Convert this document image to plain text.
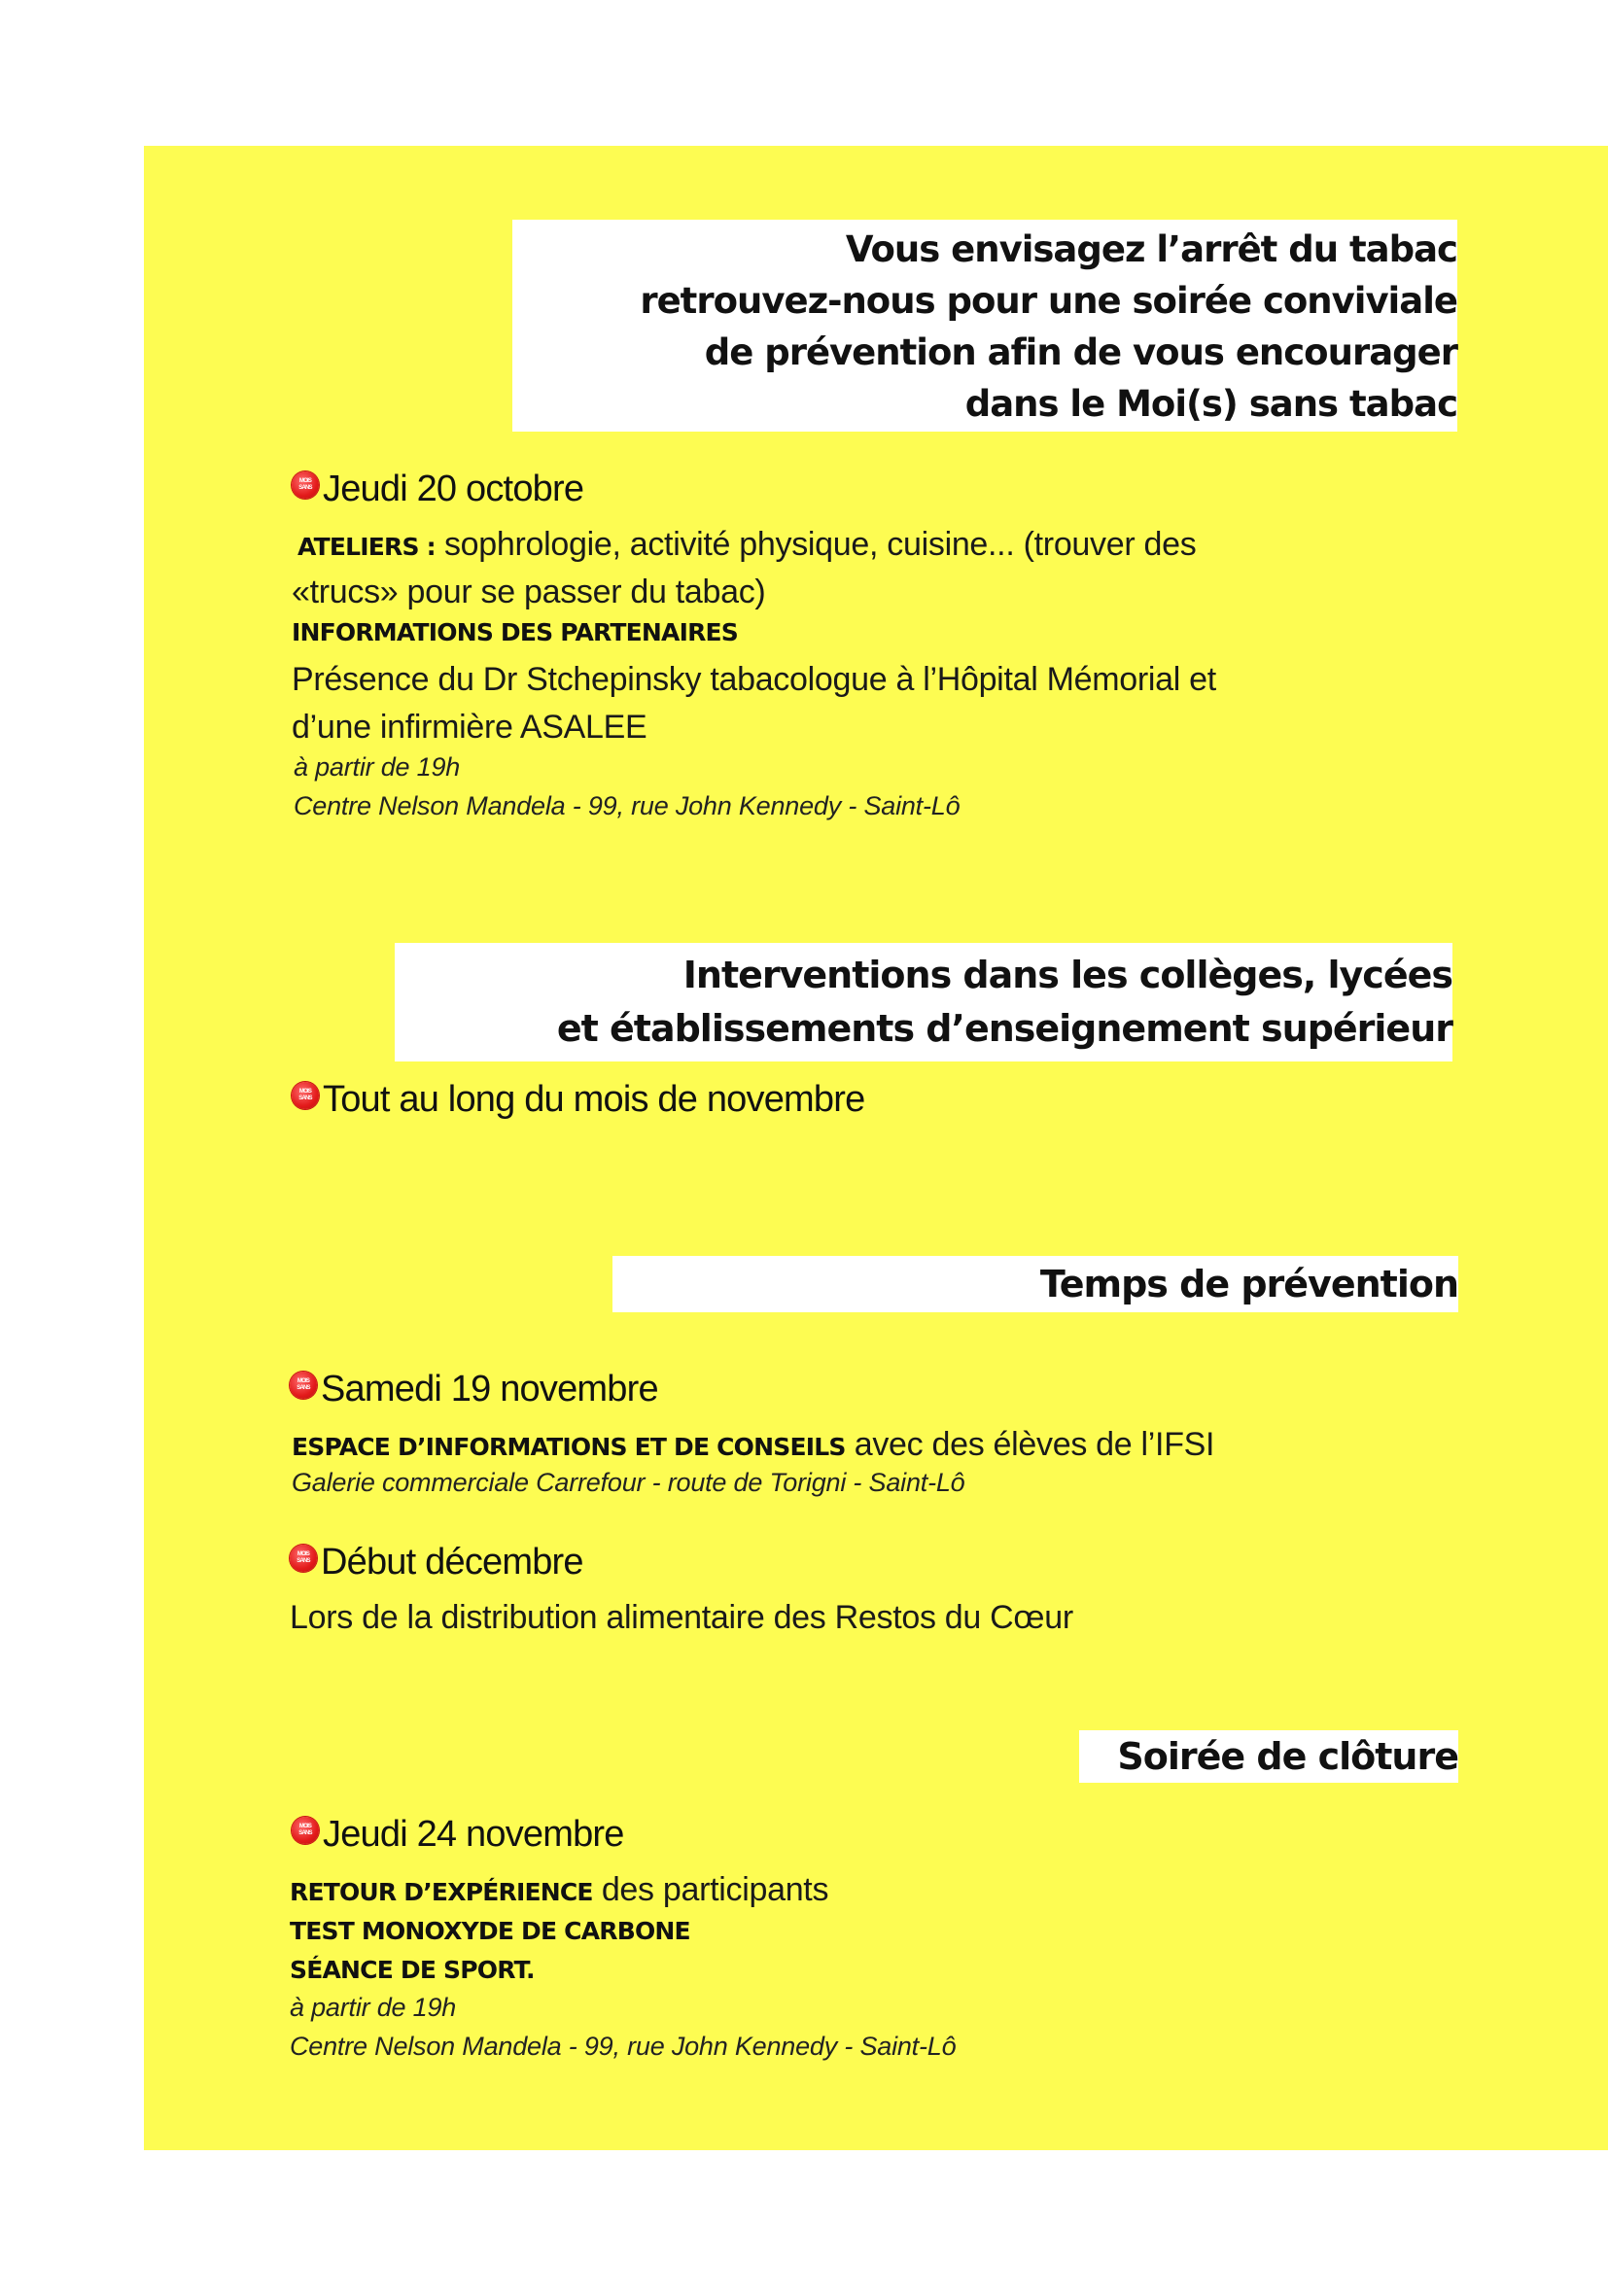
Vous envisagez l’arrêt du tabac
retrouvez-nous pour une soirée conviviale
de prévention afin de vous encourager
dans le Moi(s) sans tabac
MOIS
SANS Jeudi 20 octobre
ATELIERS : sophrologie, activité physique, cuisine... (trouver des
«trucs» pour se passer du tabac)
INFORMATIONS DES PARTENAIRES
Présence du Dr Stchepinsky tabacologue à l’Hôpital Mémorial et
d’une infirmière ASALEE
à partir de 19h
Centre Nelson Mandela - 99, rue John Kennedy - Saint-Lô
Interventions dans les collèges, lycées
et établissements d’enseignement supérieur
MOIS
SANS Tout au long du mois de novembre
Temps de prévention
MOIS
SANS Samedi 19 novembre
ESPACE D’INFORMATIONS ET DE CONSEILS avec des élèves de l’IFSI
Galerie commerciale Carrefour - route de Torigni - Saint-Lô
MOIS
SANS Début décembre
Lors de la distribution alimentaire des Restos du Cœur
Soirée de clôture
MOIS
SANS Jeudi 24 novembre
RETOUR D’EXPÉRIENCE des participants
TEST MONOXYDE DE CARBONE
SÉANCE DE SPORT.
à partir de 19h
Centre Nelson Mandela - 99, rue John Kennedy - Saint-Lô
